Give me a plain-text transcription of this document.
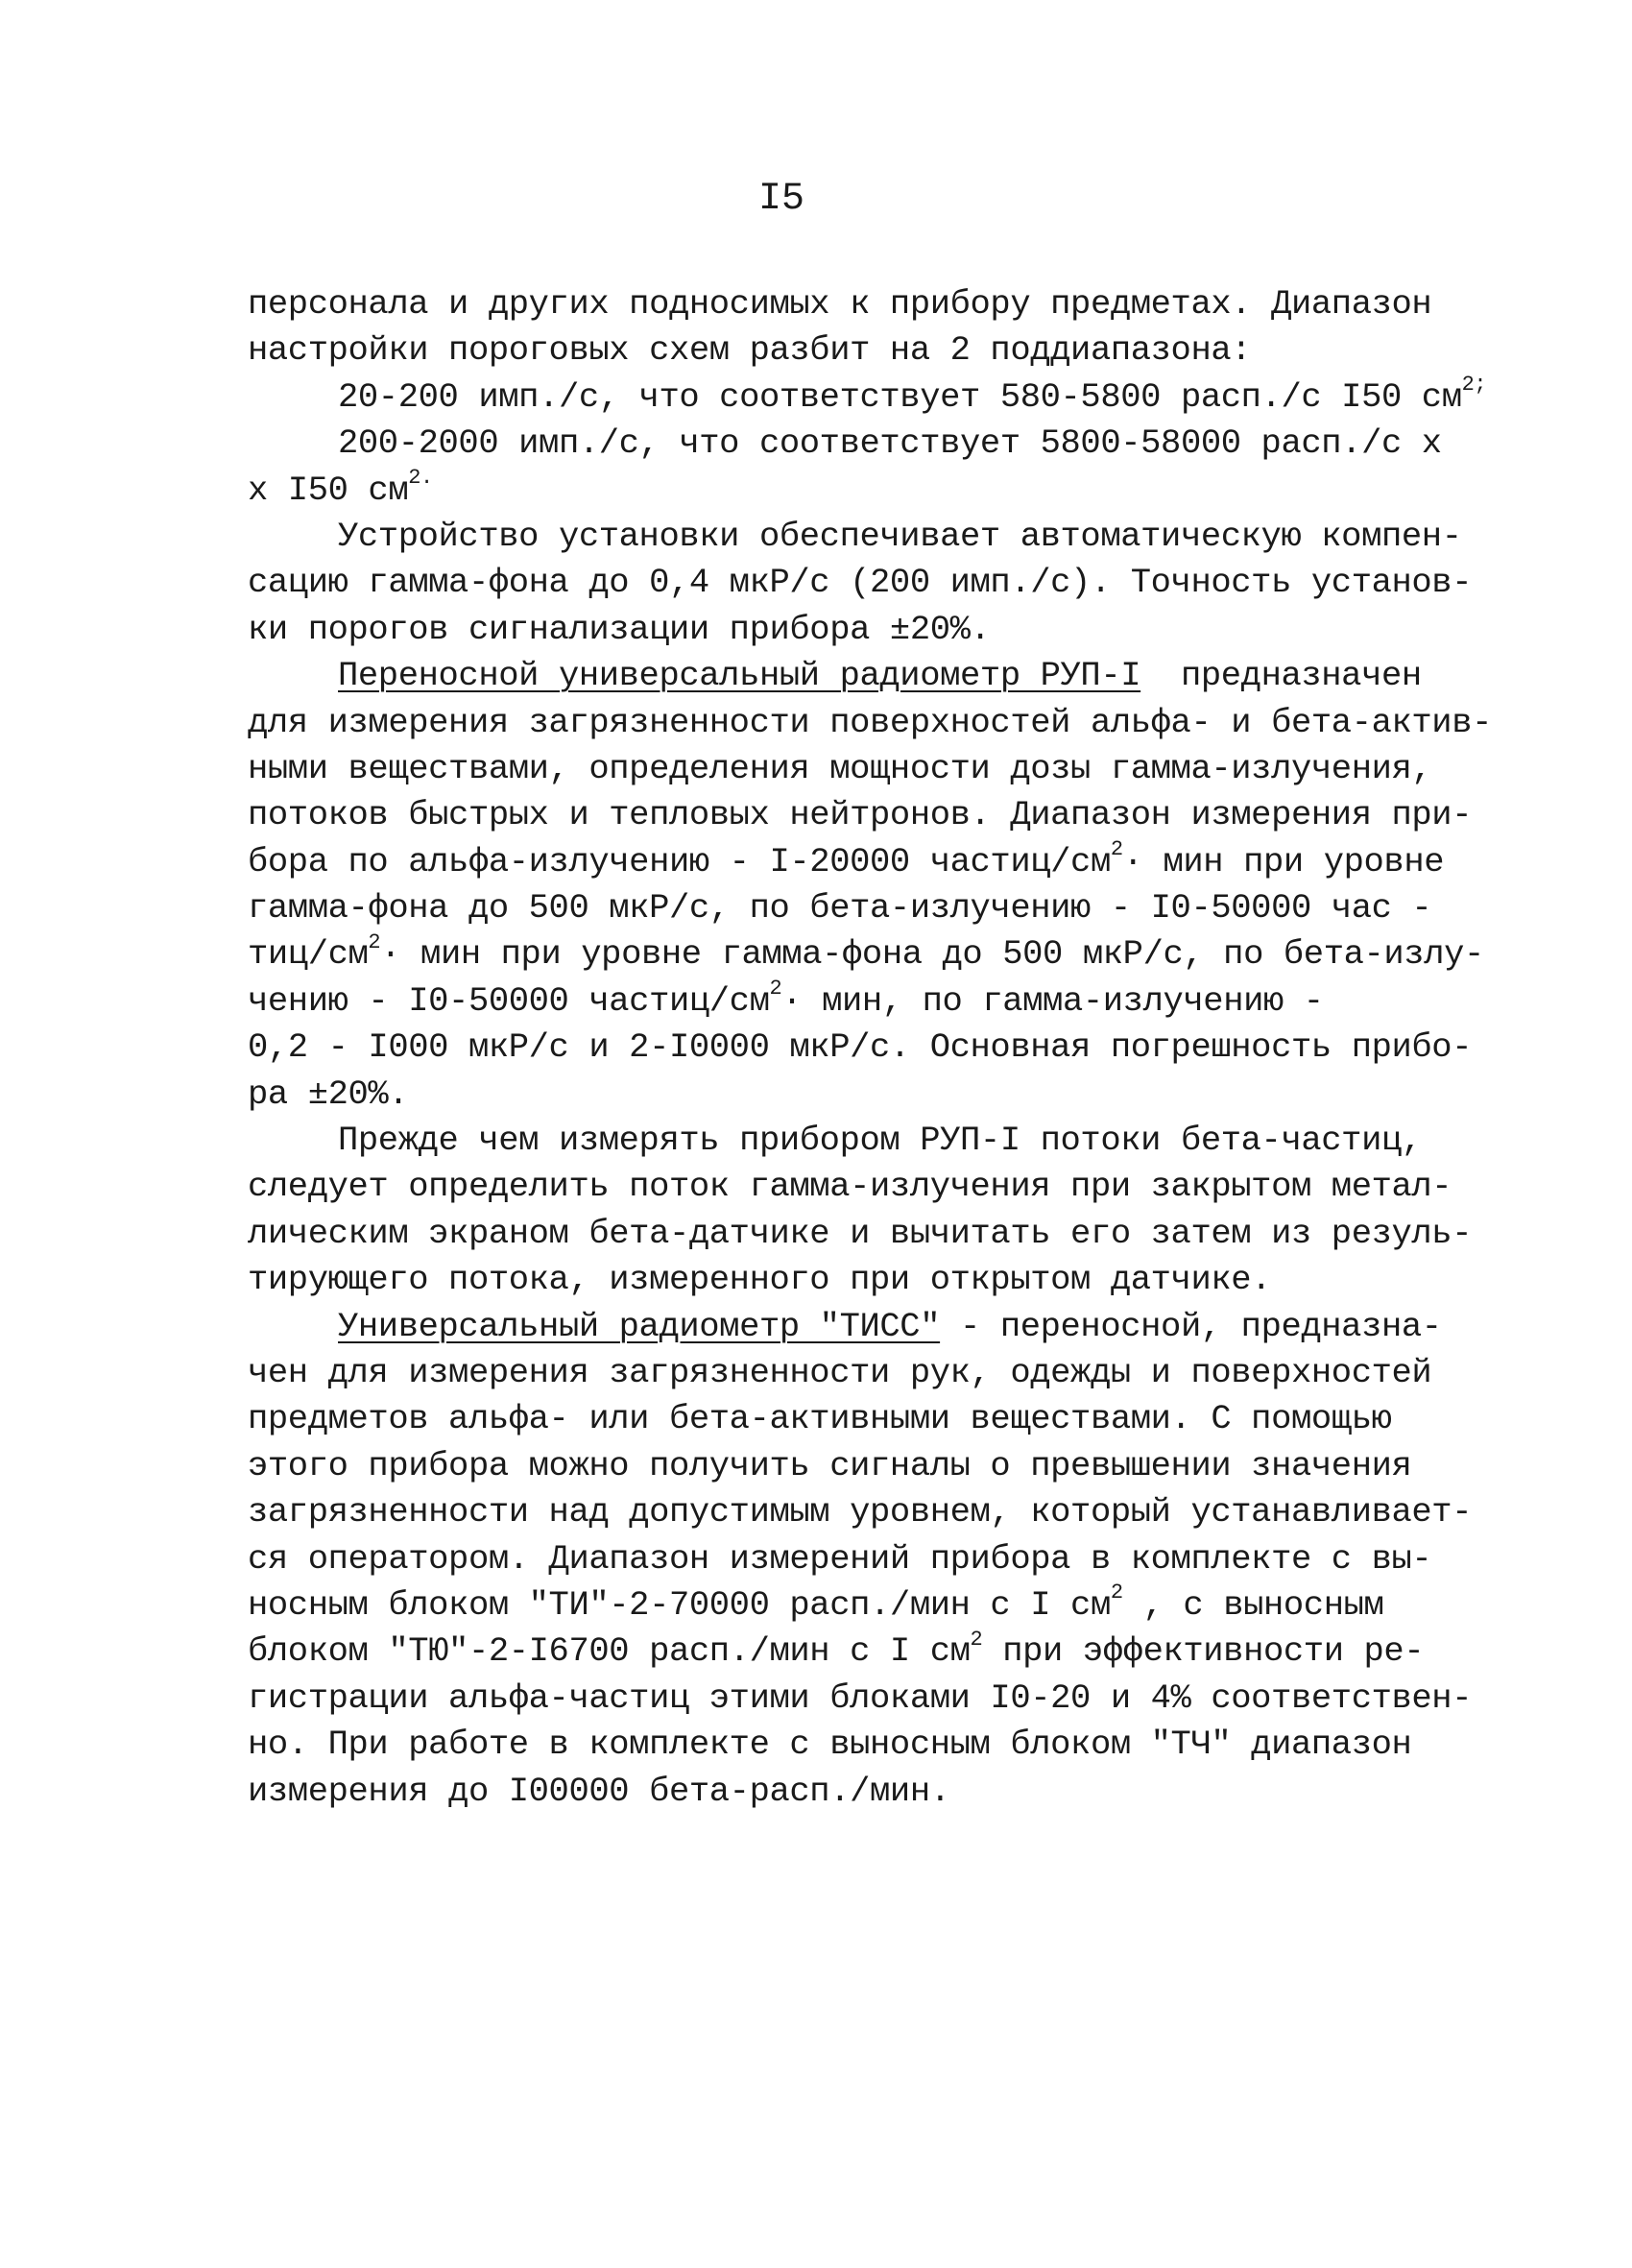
I5
персонала и других подносимых к прибору предметах. Диапазон
настройки пороговых схем разбит на 2 поддиапазона:
20-200 имп./с, что соответствует 580-5800 расп./с I50 $см^{2;}$
200-2000 имп./с, что соответствует 5800-58000 расп./с х
х I50 $см^{2.}$
Устройство установки обеспечивает автоматическую компен-
сацию гамма-фона до 0,4 мкР/с (200 имп./с). Точность установ-
ки порогов сигнализации прибора ±20%.
Переносной универсальный радиометр РУП-I предназначен
для измерения загрязненности поверхностей альфа- и бета-актив-
ными веществами, определения мощности дозы гамма-излучения,
потоков быстрых и тепловых нейтронов. Диапазон измерения при-
бора по альфа-излучению - I-20000 частиц/$см^2\cdot$ мин при уровне
гамма-фона до 500 мкР/с, по бета-излучению - I0-50000 час -
тиц/$см^2\cdot$ мин при уровне гамма-фона до 500 мкР/с, по бета-излу-
чению - I0-50000 частиц/$см^2\cdot$ мин, по гамма-излучению -
0,2 - I000 мкР/с и 2-I0000 мкР/с. Основная погрешность прибо-
ра ±20%.
Прежде чем измерять прибором РУП-I потоки бета-частиц,
следует определить поток гамма-излучения при закрытом метал-
лическим экраном бета-датчике и вычитать его затем из резуль-
тирующего потока, измеренного при открытом датчике.
Универсальный радиометр "ТИСС" - переносной, предназна-
чен для измерения загрязненности рук, одежды и поверхностей
предметов альфа- или бета-активными веществами. С помощью
этого прибора можно получить сигналы о превышении значения
загрязненности над допустимым уровнем, который устанавливает-
ся оператором. Диапазон измерений прибора в комплекте с вы-
носным блоком "ТИ"-2-70000 расп./мин с I $см^2$ , с выносным
блоком "ТЮ"-2-I6700 расп./мин с I $см^2$ при эффективности ре-
гистрации альфа-частиц этими блоками I0-20 и 4% соответствен-
но. При работе в комплекте с выносным блоком "ТЧ" диапазон
измерения до I00000 бета-расп./мин.
